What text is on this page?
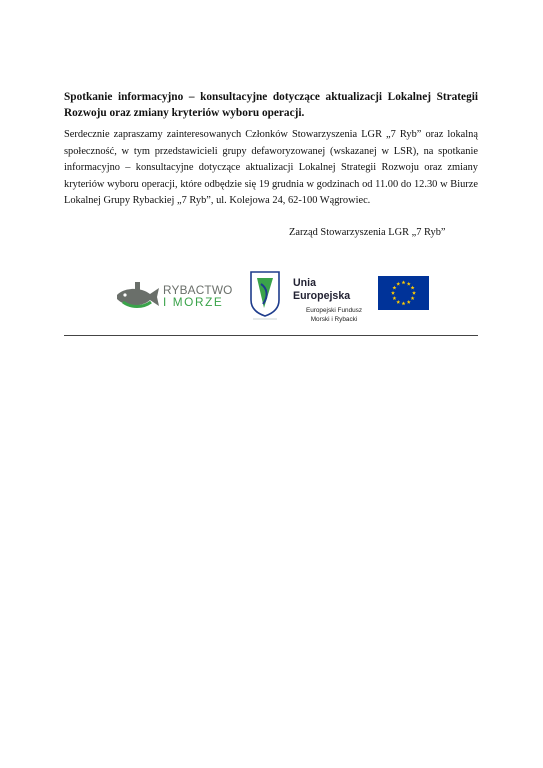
Spotkanie informacyjno – konsultacyjne dotyczące aktualizacji Lokalnej Strategii Rozwoju oraz zmiany kryteriów wyboru operacji.
Serdecznie zapraszamy zainteresowanych Członków Stowarzyszenia LGR „7 Ryb” oraz lokalną społeczność, w tym przedstawicieli grupy defaworyzowanej (wskazanej w LSR), na spotkanie informacyjno – konsultacyjne dotyczące aktualizacji Lokalnej Strategii Rozwoju oraz zmiany kryteriów wyboru operacji, które odbędzie się 19 grudnia w godzinach od 11.00 do 12.30 w Biurze Lokalnej Grupy Rybackiej „7 Ryb”, ul. Kolejowa 24, 62-100 Wągrowiec.
Zarząd Stowarzyszenia LGR „7 Ryb”
RYBACTWO
I MORZE
Unia Europejska
Europejski Fundusz
Morski i Rybacki
